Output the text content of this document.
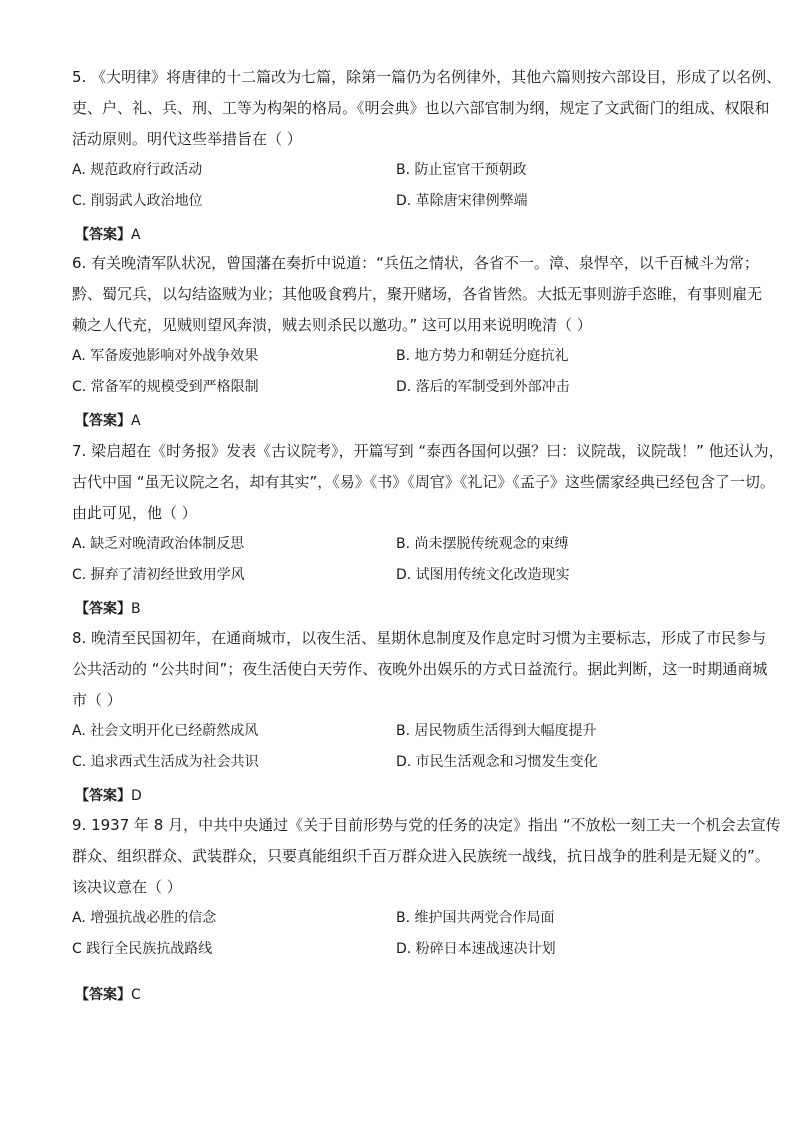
5. 《大明律》将唐律的十二篇改为七篇，除第一篇仍为名例律外，其他六篇则按六部设目，形成了以名例、
吏、户、礼、兵、刑、工等为构架的格局。《明会典》也以六部官制为纲，规定了文武衙门的组成、权限和
活动原则。明代这些举措旨在（ ）
A. 规范政府行政活动	B. 防止宦官干预朝政
C. 削弱武人政治地位	D. 革除唐宋律例弊端
【答案】A
6. 有关晚清军队状况，曾国藩在奏折中说道：“兵伍之情状，各省不一。漳、泉悍卒，以千百械斗为常；
黔、蜀冗兵，以勾结盗贼为业；其他吸食鸦片，聚开赌场，各省皆然。大抵无事则游手恣睢，有事则雇无
赖之人代充，见贼则望风奔溃，贼去则杀民以邀功。” 这可以用来说明晚清（ ）
A. 军备废弛影响对外战争效果	B. 地方势力和朝廷分庭抗礼
C. 常备军的规模受到严格限制	D. 落后的军制受到外部冲击
【答案】A
7. 梁启超在《时务报》发表《古议院考》，开篇写到 “泰西各国何以强？曰：议院哉，议院哉！” 他还认为，
古代中国 “虽无议院之名，却有其实”，《易》《书》《周官》《礼记》《孟子》这些儒家经典已经包含了一切。
由此可见，他（ ）
A. 缺乏对晚清政治体制反思	B. 尚未摆脱传统观念的束缚
C. 摒弃了清初经世致用学风	D. 试图用传统文化改造现实
【答案】B
8. 晚清至民国初年，在通商城市，以夜生活、星期休息制度及作息定时习惯为主要标志，形成了市民参与
公共活动的 “公共时间”；夜生活使白天劳作、夜晚外出娱乐的方式日益流行。据此判断，这一时期通商城
市（ ）
A. 社会文明开化已经蔚然成风	B. 居民物质生活得到大幅度提升
C. 追求西式生活成为社会共识	D. 市民生活观念和习惯发生变化
【答案】D
9. 1937 年 8 月，中共中央通过《关于目前形势与党的任务的决定》指出 “不放松一刻工夫一个机会去宣传
群众、组织群众、武装群众，只要真能组织千百万群众进入民族统一战线，抗日战争的胜利是无疑义的”。
该决议意在（ ）
A. 增强抗战必胜的信念	B. 维护国共两党合作局面
C 践行全民族抗战路线	D. 粉碎日本速战速决计划
【答案】C
